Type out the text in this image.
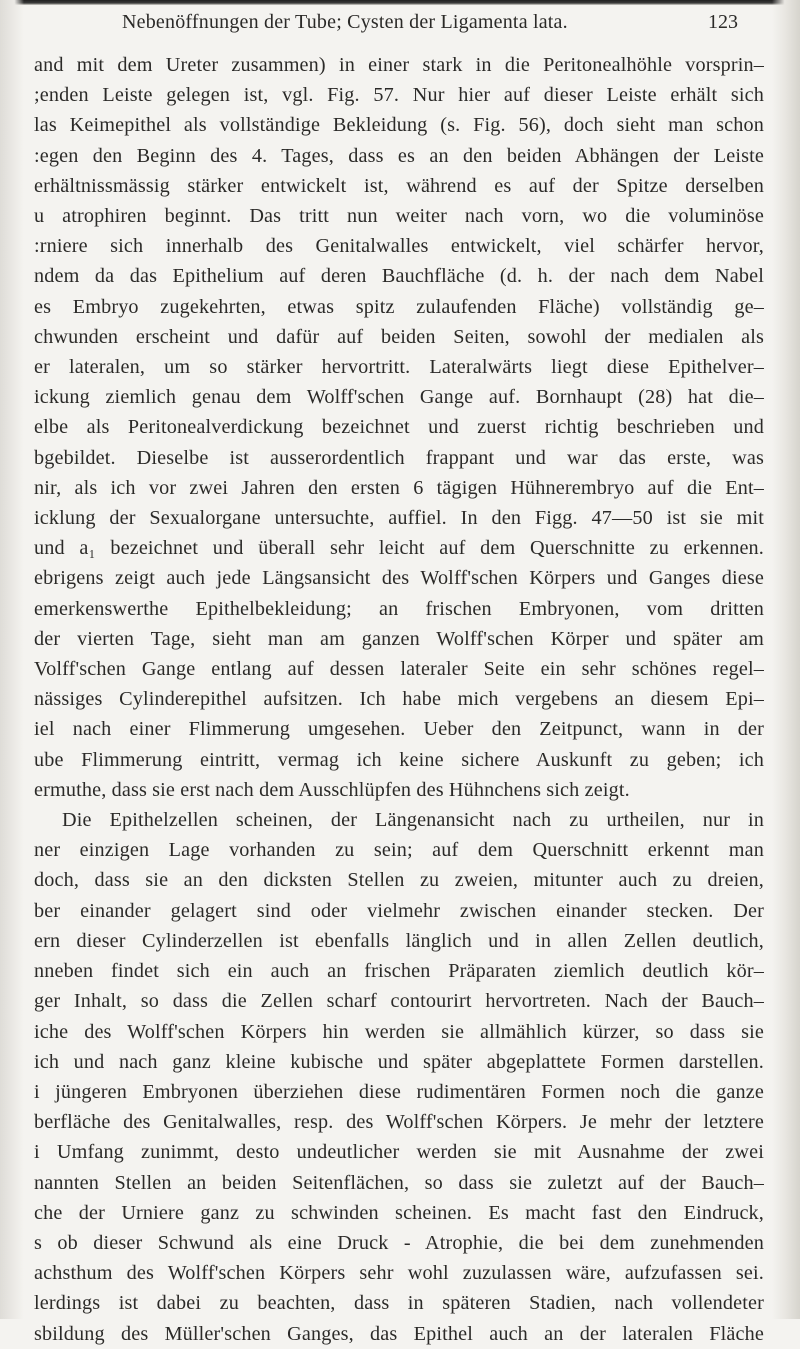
Nebenöffnungen der Tube; Cysten der Ligamenta lata.	123
and mit dem Ureter zusammen) in einer stark in die Peritonealhöhle vorsprin–
;enden Leiste gelegen ist, vgl. Fig. 57. Nur hier auf dieser Leiste erhält sich
las Keimepithel als vollständige Bekleidung (s. Fig. 56), doch sieht man schon
:egen den Beginn des 4. Tages, dass es an den beiden Abhängen der Leiste
erhältnissmässig stärker entwickelt ist, während es auf der Spitze derselben
u atrophiren beginnt. Das tritt nun weiter nach vorn, wo die voluminöse
:rniere sich innerhalb des Genitalwalles entwickelt, viel schärfer hervor,
ndem da das Epithelium auf deren Bauchfläche (d. h. der nach dem Nabel
es Embryo zugekehrten, etwas spitz zulaufenden Fläche) vollständig ge–
chwunden erscheint und dafür auf beiden Seiten, sowohl der medialen als
er lateralen, um so stärker hervortritt. Lateralwärts liegt diese Epithelver–
ickung ziemlich genau dem Wolff'schen Gange auf. Bornhaupt (28) hat die–
elbe als Peritonealverdickung bezeichnet und zuerst richtig beschrieben und
bgebildet. Dieselbe ist ausserordentlich frappant und war das erste, was
nir, als ich vor zwei Jahren den ersten 6 tägigen Hühnerembryo auf die Ent–
icklung der Sexualorgane untersuchte, auffiel. In den Figg. 47—50 ist sie mit
und a₁ bezeichnet und überall sehr leicht auf dem Querschnitte zu erkennen.
ebrigens zeigt auch jede Längsansicht des Wolff'schen Körpers und Ganges diese
emerkenswerthe Epithelbekleidung; an frischen Embryonen, vom dritten
der vierten Tage, sieht man am ganzen Wolff'schen Körper und später am
Volff'schen Gange entlang auf dessen lateraler Seite ein sehr schönes regel–
nässiges Cylinderepithel aufsitzen. Ich habe mich vergebens an diesem Epi–
iel nach einer Flimmerung umgesehen. Ueber den Zeitpunct, wann in der
ube Flimmerung eintritt, vermag ich keine sichere Auskunft zu geben; ich
ermuthe, dass sie erst nach dem Ausschlüpfen des Hühnchens sich zeigt.
Die Epithelzellen scheinen, der Längenansicht nach zu urtheilen, nur in
ner einzigen Lage vorhanden zu sein; auf dem Querschnitt erkennt man
doch, dass sie an den dicksten Stellen zu zweien, mitunter auch zu dreien,
ber einander gelagert sind oder vielmehr zwischen einander stecken. Der
ern dieser Cylinderzellen ist ebenfalls länglich und in allen Zellen deutlich,
nneben findet sich ein auch an frischen Präparaten ziemlich deutlich kör–
ger Inhalt, so dass die Zellen scharf contourirt hervortreten. Nach der Bauch–
iche des Wolff'schen Körpers hin werden sie allmählich kürzer, so dass sie
ich und nach ganz kleine kubische und später abgeplattete Formen darstellen.
i jüngeren Embryonen überziehen diese rudimentären Formen noch die ganze
berfläche des Genitalwalles, resp. des Wolff'schen Körpers. Je mehr der letztere
i Umfang zunimmt, desto undeutlicher werden sie mit Ausnahme der zwei
nannten Stellen an beiden Seitenflächen, so dass sie zuletzt auf der Bauch–
che der Urniere ganz zu schwinden scheinen. Es macht fast den Eindruck,
s ob dieser Schwund als eine Druck - Atrophie, die bei dem zunehmenden
achsthum des Wolff'schen Körpers sehr wohl zuzulassen wäre, aufzufassen sei.
lerdings ist dabei zu beachten, dass in späteren Stadien, nach vollendeter
sbildung des Müller'schen Ganges, das Epithel auch an der lateralen Fläche
